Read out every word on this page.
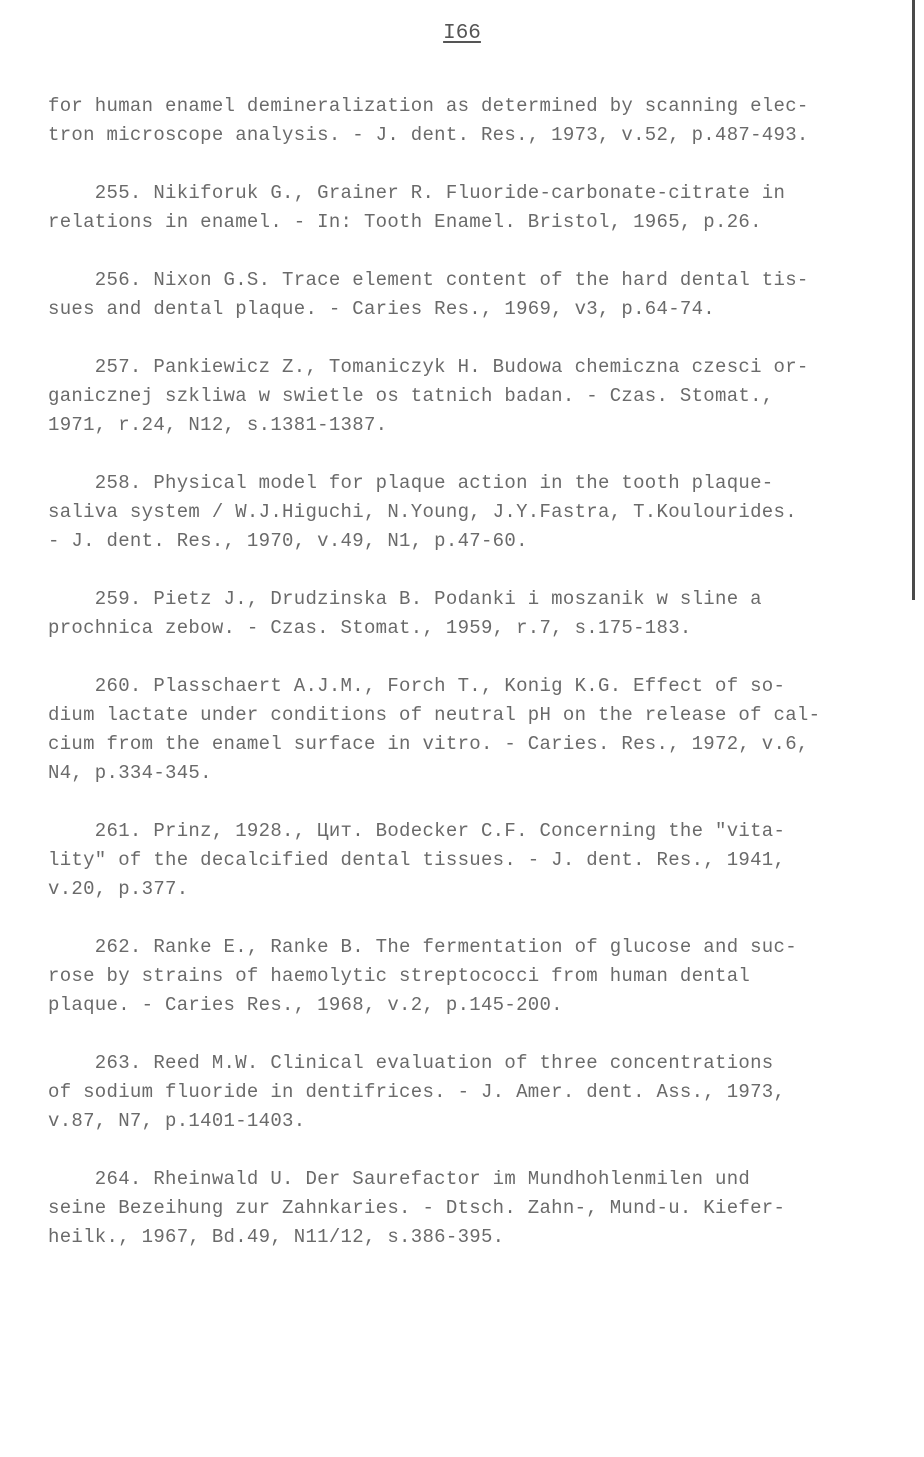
I66
for human enamel demineralization as determined by scanning elec-
tron microscope analysis. - J. dent. Res., 1973, v.52, p.487-493.
255. Nikiforuk G., Grainer R. Fluoride-carbonate-citrate in
relations in enamel. - In: Tooth Enamel. Bristol, 1965, p.26.
256. Nixon G.S. Trace element content of the hard dental tis-
sues and dental plaque. - Caries Res., 1969, v3, p.64-74.
257. Pankiewicz Z., Tomaniczyk H. Budowa chemiczna czesci or-
ganicznej szkliwa w swietle os tatnich badan. - Czas. Stomat.,
1971, r.24, N12, s.1381-1387.
258. Physical model for plaque action in the tooth plaque-
saliva system / W.J.Higuchi, N.Young, J.Y.Fastra, T.Koulourides.
- J. dent. Res., 1970, v.49, N1, p.47-60.
259. Pietz J., Drudzinska B. Podanki i moszanik w sline a
prochnica zebow. - Czas. Stomat., 1959, r.7, s.175-183.
260. Plasschaert A.J.M., Forch T., Konig K.G. Effect of so-
dium lactate under conditions of neutral pH on the release of cal-
cium from the enamel surface in vitro. - Caries. Res., 1972, v.6,
N4, p.334-345.
261. Prinz, 1928., Цит. Bodecker C.F. Concerning the "vita-
lity" of the decalcified dental tissues. - J. dent. Res., 1941,
v.20, p.377.
262. Ranke E., Ranke B. The fermentation of glucose and suc-
rose by strains of haemolytic streptococci from human dental
plaque. - Caries Res., 1968, v.2, p.145-200.
263. Reed M.W. Clinical evaluation of three concentrations
of sodium fluoride in dentifrices. - J. Amer. dent. Ass., 1973,
v.87, N7, p.1401-1403.
264. Rheinwald U. Der Saurefactor im Mundhohlenmilen und
seine Bezeihung zur Zahnkaries. - Dtsch. Zahn-, Mund-u. Kiefer-
heilk., 1967, Bd.49, N11/12, s.386-395.
